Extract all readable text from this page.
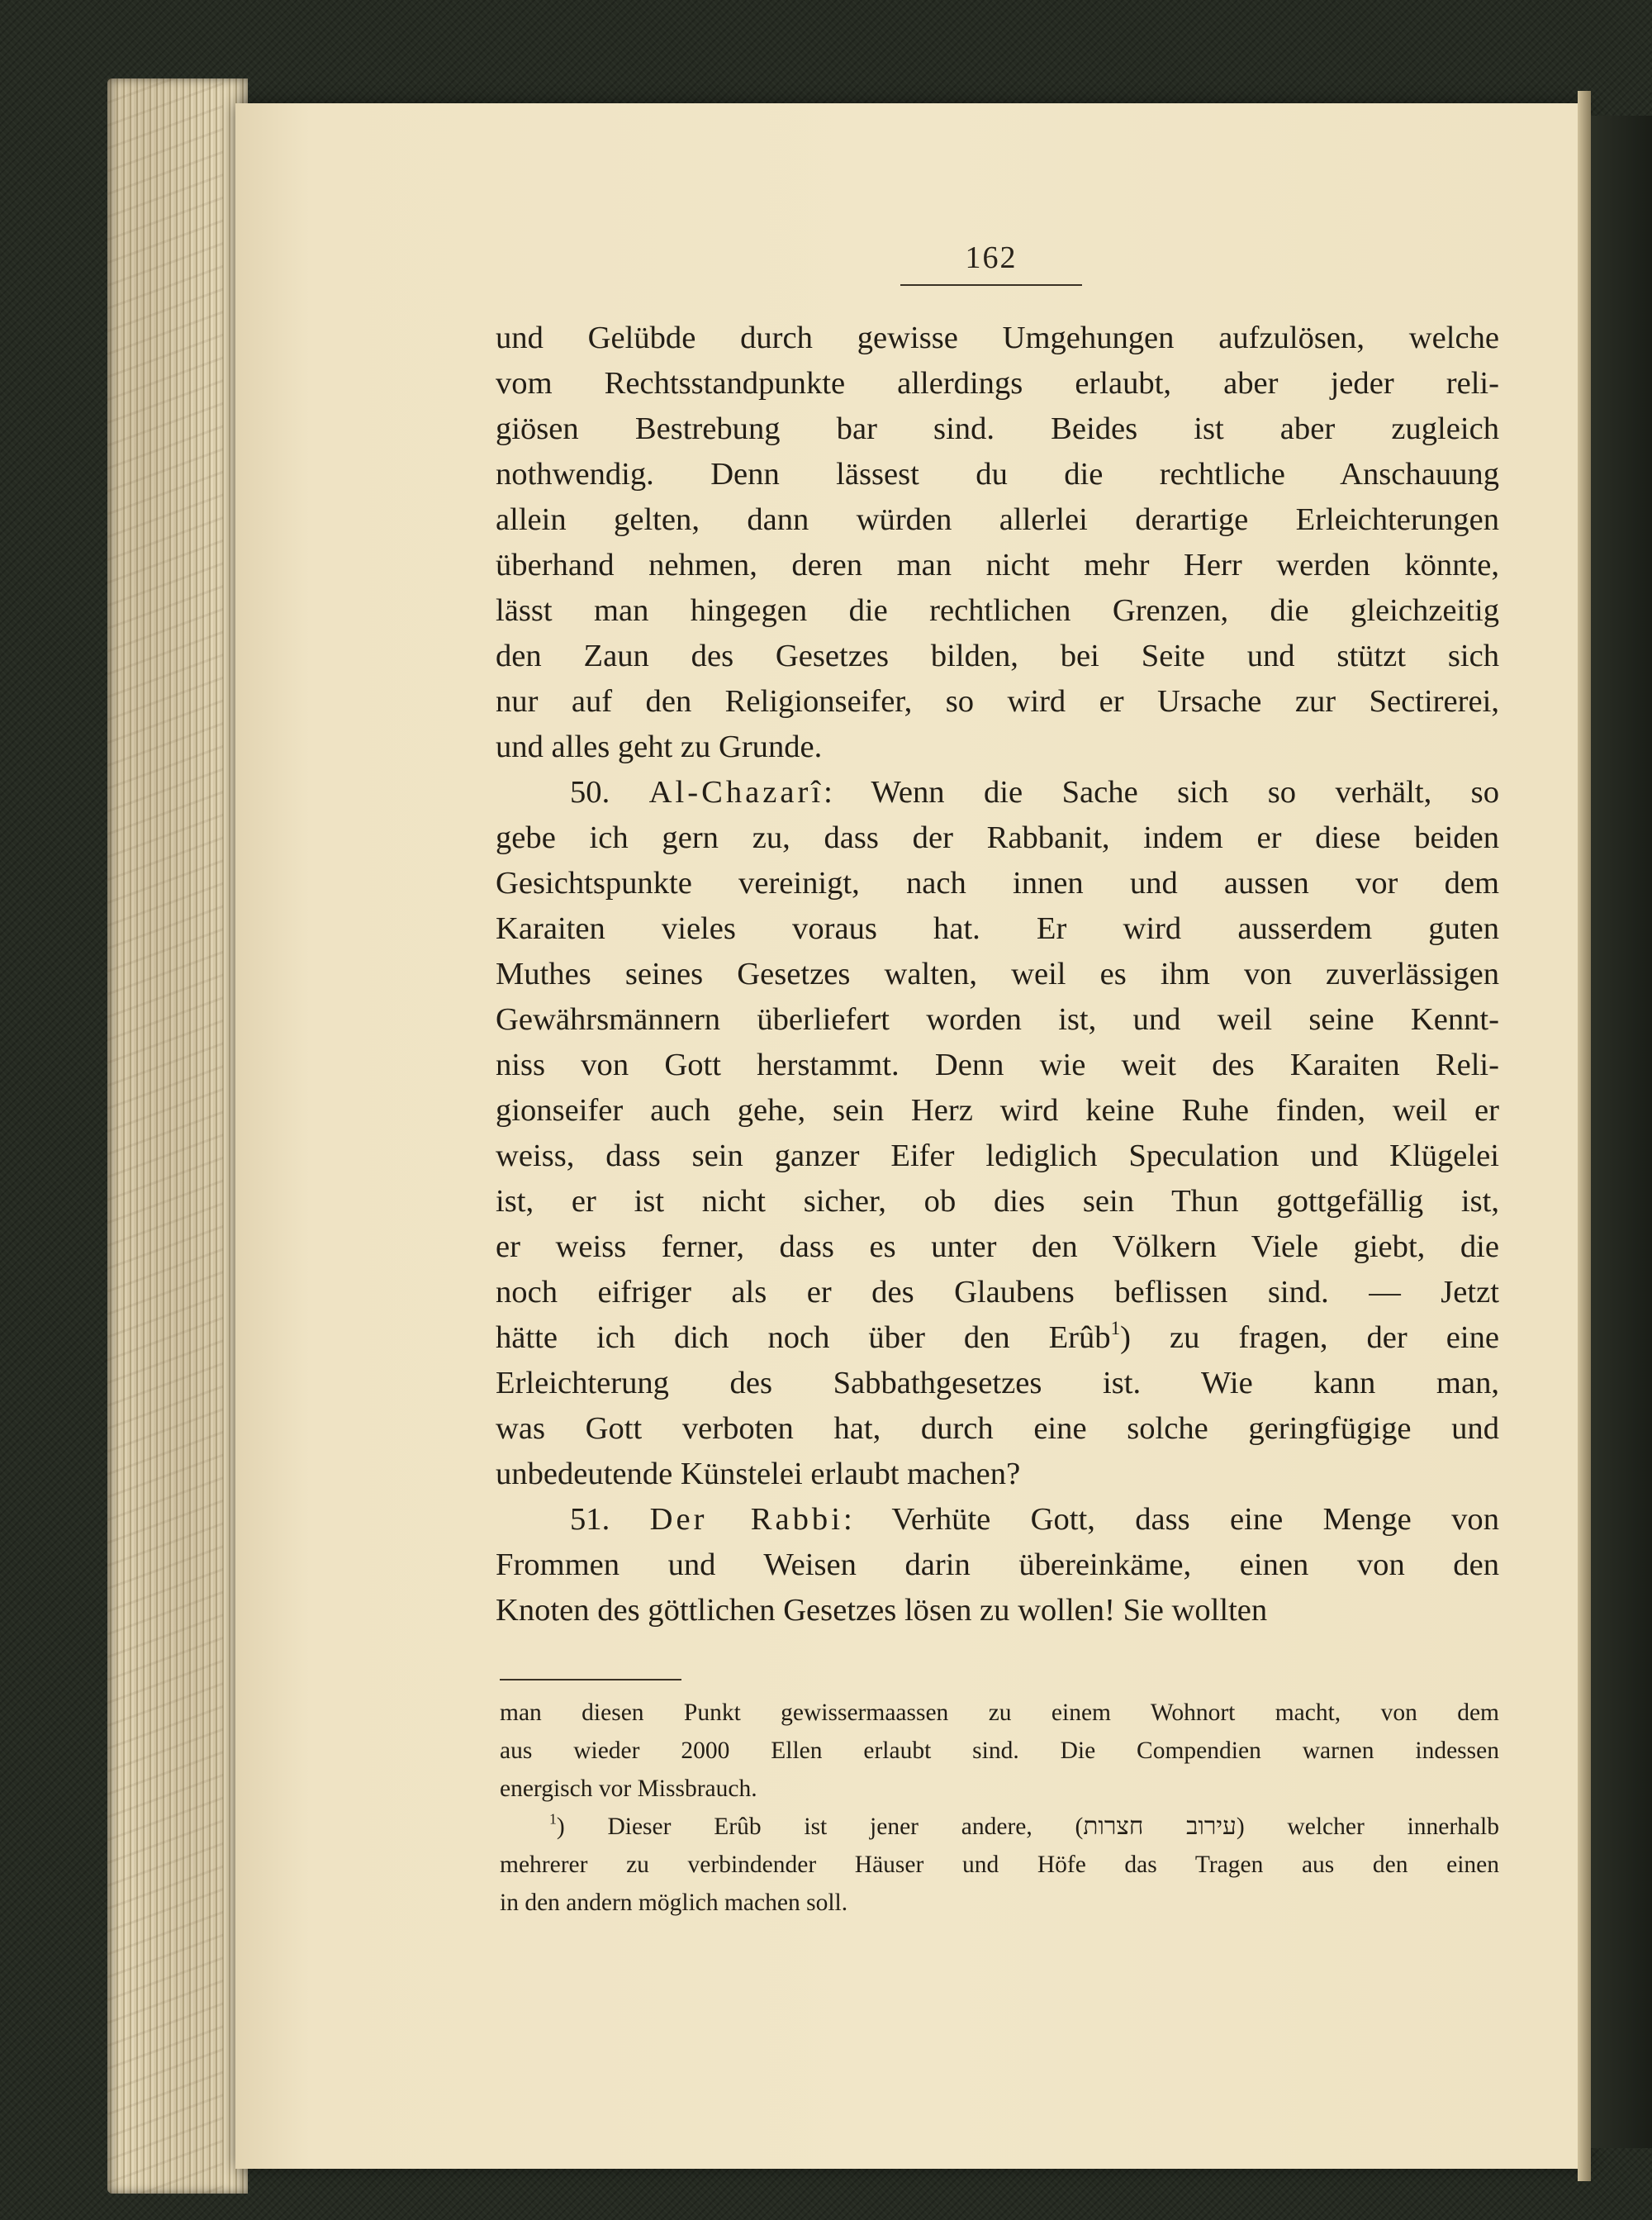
162
und Gelübde durch gewisse Umgehungen aufzulösen, welche
vom Rechtsstandpunkte allerdings erlaubt, aber jeder reli-
giösen Bestrebung bar sind. Beides ist aber zugleich
nothwendig. Denn lässest du die rechtliche Anschauung
allein gelten, dann würden allerlei derartige Erleichterungen
überhand nehmen, deren man nicht mehr Herr werden könnte,
lässt man hingegen die rechtlichen Grenzen, die gleichzeitig
den Zaun des Gesetzes bilden, bei Seite und stützt sich
nur auf den Religionseifer, so wird er Ursache zur Sectirerei,
und alles geht zu Grunde.
50. Al-Chazarî: Wenn die Sache sich so verhält, so
gebe ich gern zu, dass der Rabbanit, indem er diese beiden
Gesichtspunkte vereinigt, nach innen und aussen vor dem
Karaiten vieles voraus hat. Er wird ausserdem guten
Muthes seines Gesetzes walten, weil es ihm von zuverlässigen
Gewährsmännern überliefert worden ist, und weil seine Kennt-
niss von Gott herstammt. Denn wie weit des Karaiten Reli-
gionseifer auch gehe, sein Herz wird keine Ruhe finden, weil er
weiss, dass sein ganzer Eifer lediglich Speculation und Klügelei
ist, er ist nicht sicher, ob dies sein Thun gottgefällig ist,
er weiss ferner, dass es unter den Völkern Viele giebt, die
noch eifriger als er des Glaubens beflissen sind. — Jetzt
hätte ich dich noch über den Erûb$^1$) zu fragen, der eine
Erleichterung des Sabbathgesetzes ist. Wie kann man,
was Gott verboten hat, durch eine solche geringfügige und
unbedeutende Künstelei erlaubt machen?
51. Der Rabbi: Verhüte Gott, dass eine Menge von
Frommen und Weisen darin übereinkäme, einen von den
Knoten des göttlichen Gesetzes lösen zu wollen! Sie wollten
man diesen Punkt gewissermaassen zu einem Wohnort macht, von dem
aus wieder 2000 Ellen erlaubt sind. Die Compendien warnen indessen
energisch vor Missbrauch.
$^1$) Dieser Erûb ist jener andere, (עירוב חצרות) welcher innerhalb
mehrerer zu verbindender Häuser und Höfe das Tragen aus den einen
in den andern möglich machen soll.
